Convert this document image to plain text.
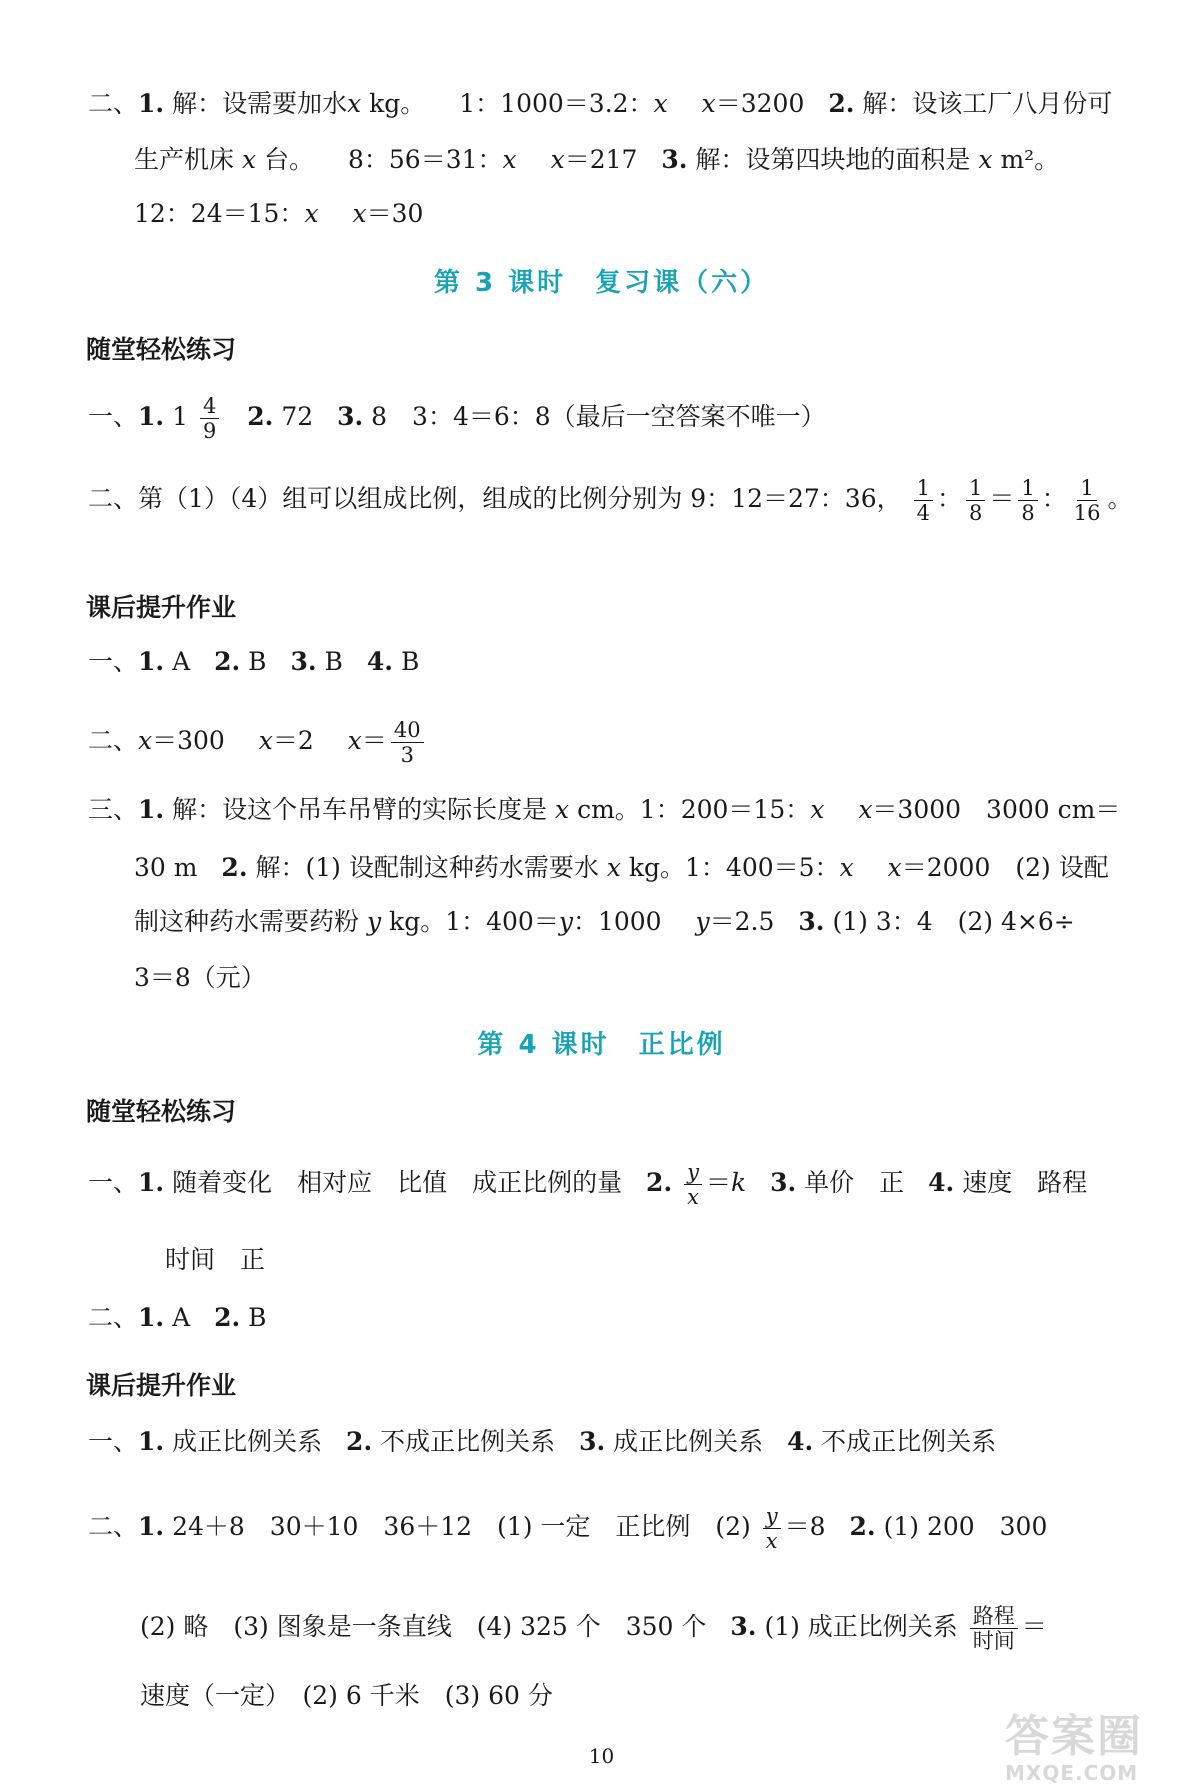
二、1. 解：设需要加水x kg。 1：1000＝3.2：x x＝3200 2. 解：设该工厂八月份可
生产机床 x 台。 8：56＝31：x x＝217 3. 解：设第四块地的面积是 x m²。
12：24＝15：x x＝30
第 3 课时　复习课（六）
随堂轻松练习
一、1. $1 \frac{4}{9} 2$. 72 3. 8　3：4＝6：8（最后一空答案不唯一）
二、第（1）（4）组可以组成比例，组成的比例分别为 9：12＝27：36， $\frac{1}{4}$ ： $\frac{1}{8} = \frac{1}{8}$ ： $\frac{1}{16}$ 。
课后提升作业
一、1. A 2. B 3. B 4. B
二、x＝300 x＝2 $x= \frac{40}{3}$
三、1. 解：设这个吊车吊臂的实际长度是 x cm。1：200＝15：x x＝3000　3000 cm＝
30 m 2. 解：(1) 设配制这种药水需要水 x kg。1：400＝5：x x＝2000　(2) 设配
制这种药水需要药粉 y kg。1：400＝y：1000 y＝2.5 3. (1) 3：4　(2) 4×6÷
3＝8（元）
第 4 课时　正比例
随堂轻松练习
一、1. 随着变化　相对应　比值　成正比例的量 2. $\frac{y}{x} =k$ 3. 单价　正 4. 速度　路程
时间　正
二、1. A 2. B
课后提升作业
一、1. 成正比例关系 2. 不成正比例关系 3. 成正比例关系 4. 不成正比例关系
二、1. 24＋8　30＋10　36＋12　(1) 一定　正比例　$(2) \frac{y}{x} =8$ 2. (1) 200　300
(2) 略　(3) 图象是一条直线　(4) 325 个　350 个 3. (1) 成正比例关系 $\frac{\text{路程}}{\text{时间}}$ ＝
速度（一定）　(2) 6 千米　(3) 60 分
10	答案圈
MXQE.COM
